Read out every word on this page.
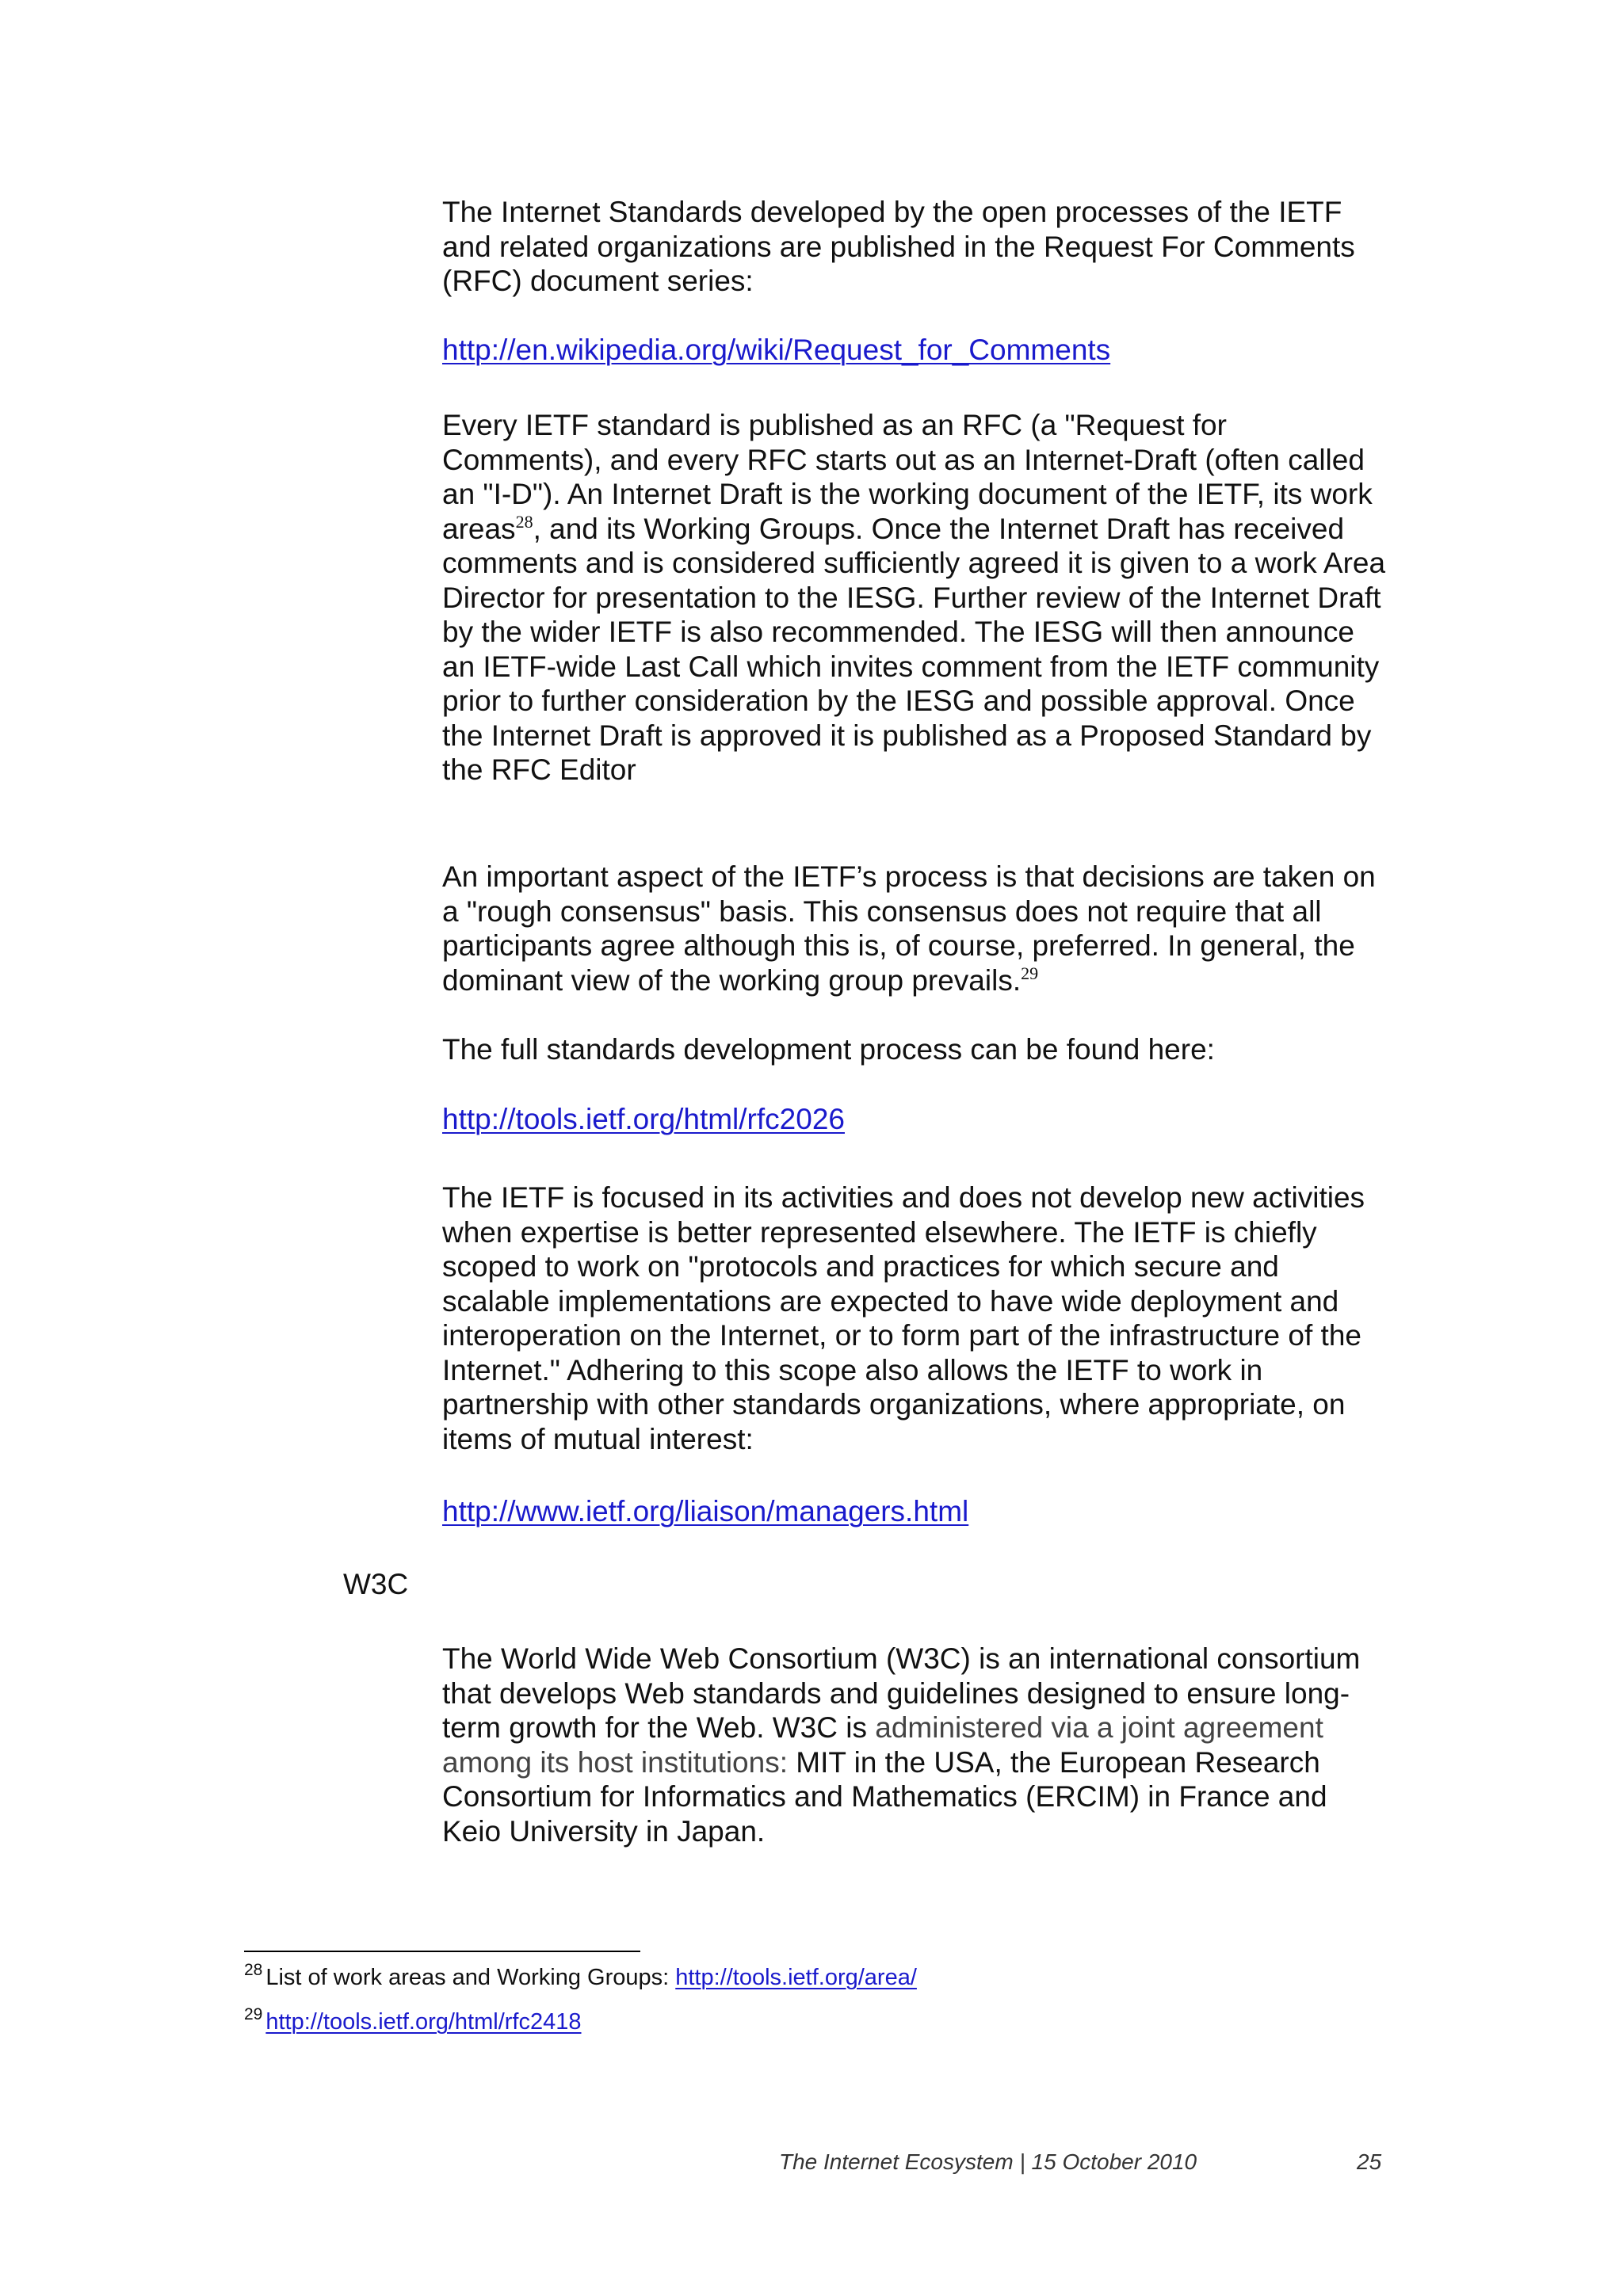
The Internet Standards developed by the open processes of the IETF and related organizations are published in the Request For Comments (RFC) document series:

http://en.wikipedia.org/wiki/Request_for_Comments

Every IETF standard is published as an RFC (a "Request for Comments), and every RFC starts out as an Internet-Draft (often called an "I-D"). An Internet Draft is the working document of the IETF, its work areas$^{28}$, and its Working Groups. Once the Internet Draft has received comments and is considered sufficiently agreed it is given to a work Area Director for presentation to the IESG. Further review of the Internet Draft by the wider IETF is also recommended. The IESG will then announce an IETF-wide Last Call which invites comment from the IETF community prior to further consideration by the IESG and possible approval. Once the Internet Draft is approved it is published as a Proposed Standard by the RFC Editor

An important aspect of the IETF’s process is that decisions are taken on a "rough consensus" basis. This consensus does not require that all participants agree although this is, of course, preferred. In general, the dominant view of the working group prevails.$^{29}$

The full standards development process can be found here:

http://tools.ietf.org/html/rfc2026

The IETF is focused in its activities and does not develop new activities when expertise is better represented elsewhere. The IETF is chiefly scoped to work on "protocols and practices for which secure and scalable implementations are expected to have wide deployment and interoperation on the Internet, or to form part of the infrastructure of the Internet." Adhering to this scope also allows the IETF to work in partnership with other standards organizations, where appropriate, on items of mutual interest:

http://www.ietf.org/liaison/managers.html

W3C

The World Wide Web Consortium (W3C) is an international consortium that develops Web standards and guidelines designed to ensure long-term growth for the Web. W3C is administered via a joint agreement among its host institutions: MIT in the USA, the European Research Consortium for Informatics and Mathematics (ERCIM) in France and Keio University in Japan.

$^{28}$ List of work areas and Working Groups: http://tools.ietf.org/area/

$^{29}$ http://tools.ietf.org/html/rfc2418

The Internet Ecosystem | 15 October 2010	25
